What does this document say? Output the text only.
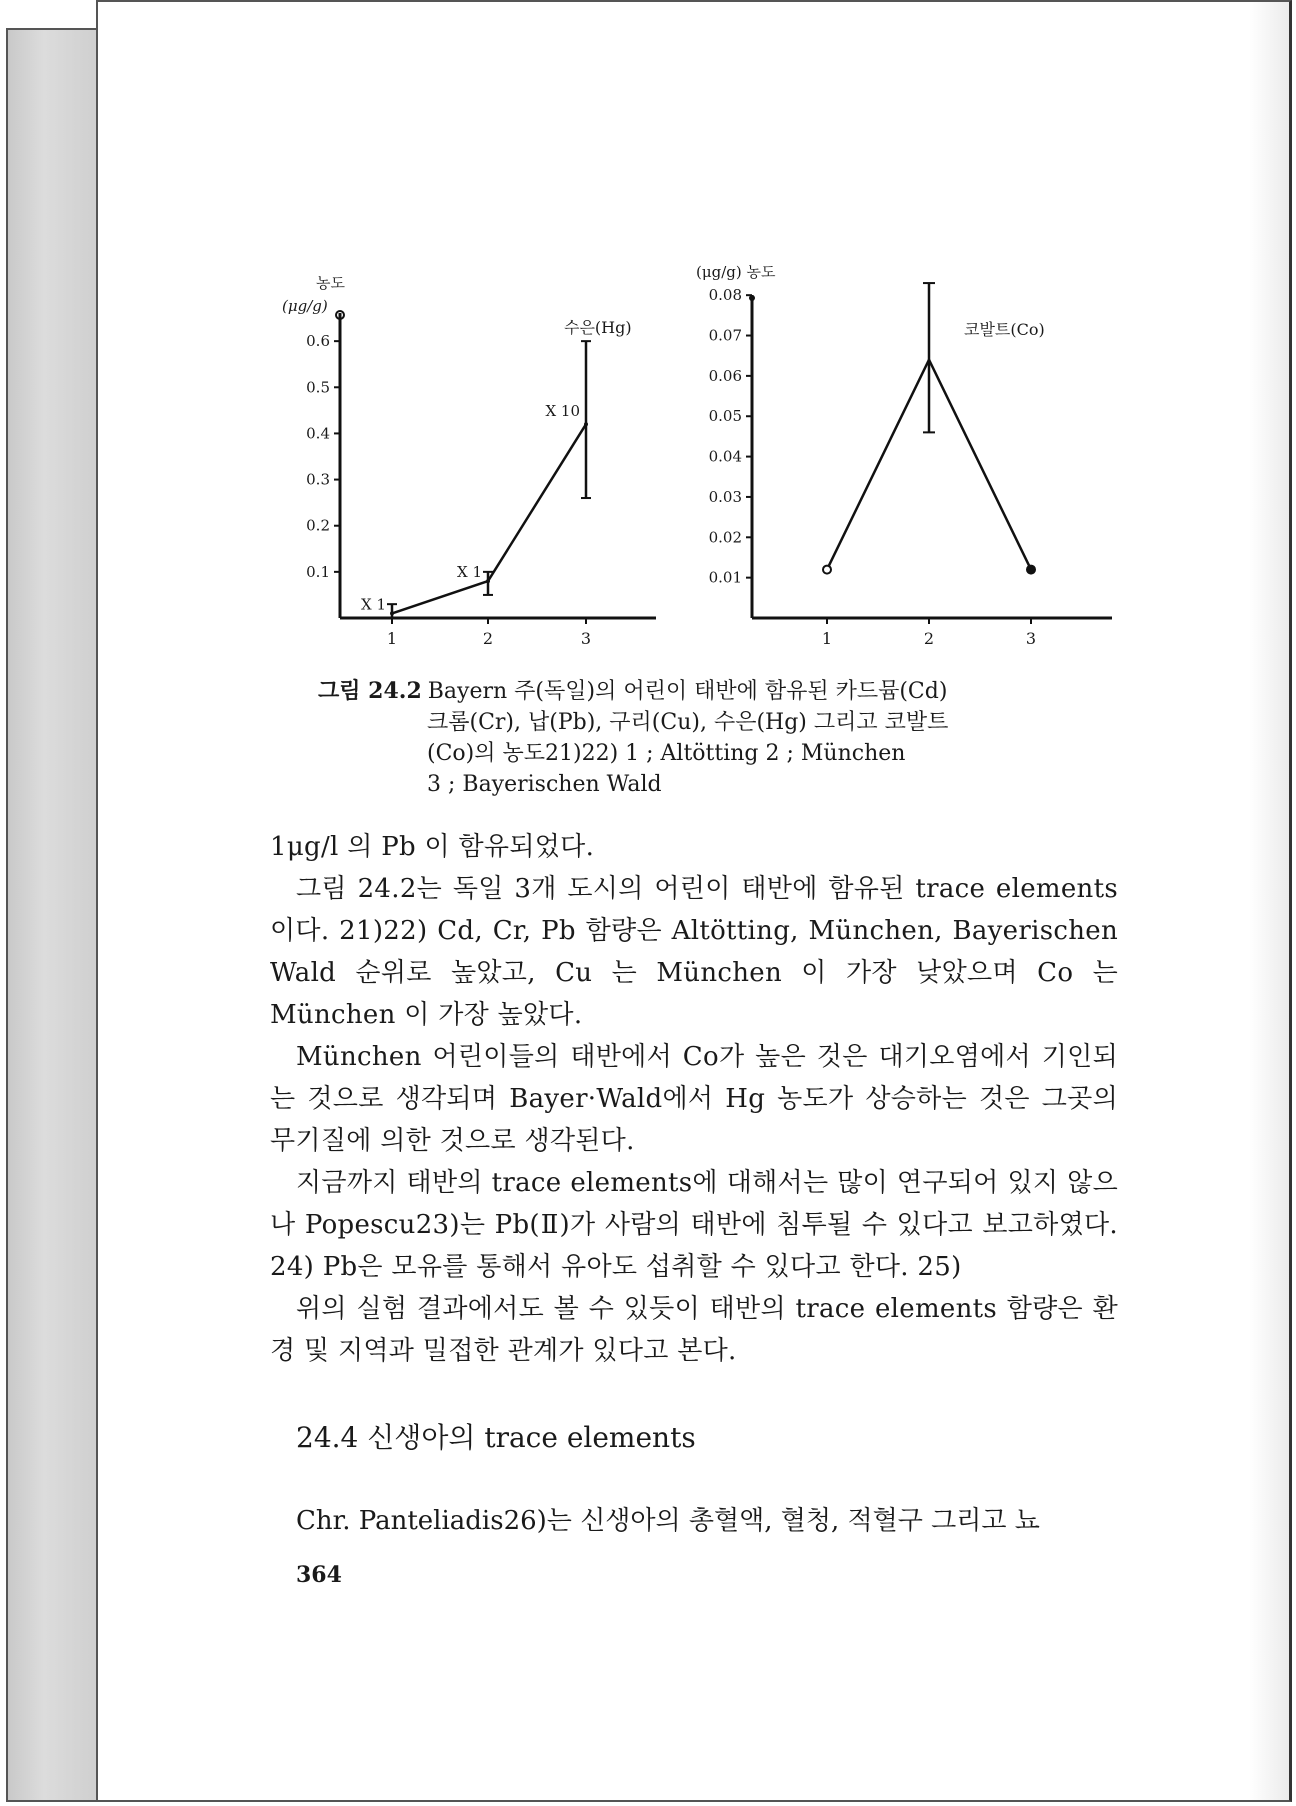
농도
(μg/g)
0.6
0.5
0.4
0.3
0.2
0.1
1	2	3
X 1
X 1
X 10
수은(Hg)
(μg/g) 농도
0.08
0.07
0.06
0.05
0.04
0.03
0.02
0.01
1	2	3
코발트(Co)
그림 24.2 Bayern 주(독일)의 어린이 태반에 함유된 카드뮴(Cd)
크롬(Cr), 납(Pb), 구리(Cu), 수은(Hg) 그리고 코발트
(Co)의 농도21)22) 1 ; Altötting 2 ; München
3 ; Bayerischen Wald

1μg/l 의 Pb 이 함유되었다.

그림 24.2는 독일 3개 도시의 어린이 태반에 함유된 trace elements 이다. 21)22) Cd, Cr, Pb 함량은 Altötting, München, Bayerischen Wald 순위로 높았고, Cu 는 München 이 가장 낮았으며 Co 는 München 이 가장 높았다.

München 어린이들의 태반에서 Co가 높은 것은 대기오염에서 기인되는 것으로 생각되며 Bayer·Wald에서 Hg 농도가 상승하는 것은 그곳의 무기질에 의한 것으로 생각된다.

지금까지 태반의 trace elements에 대해서는 많이 연구되어 있지 않으나 Popescu23)는 Pb(Ⅱ)가 사람의 태반에 침투될 수 있다고 보고하였다. 24) Pb은 모유를 통해서 유아도 섭취할 수 있다고 한다. 25)

위의 실험 결과에서도 볼 수 있듯이 태반의 trace elements 함량은 환경 및 지역과 밀접한 관계가 있다고 본다.

24.4 신생아의 trace elements
Chr. Panteliadis26)는 신생아의 총혈액, 혈청, 적혈구 그리고 뇨
364
